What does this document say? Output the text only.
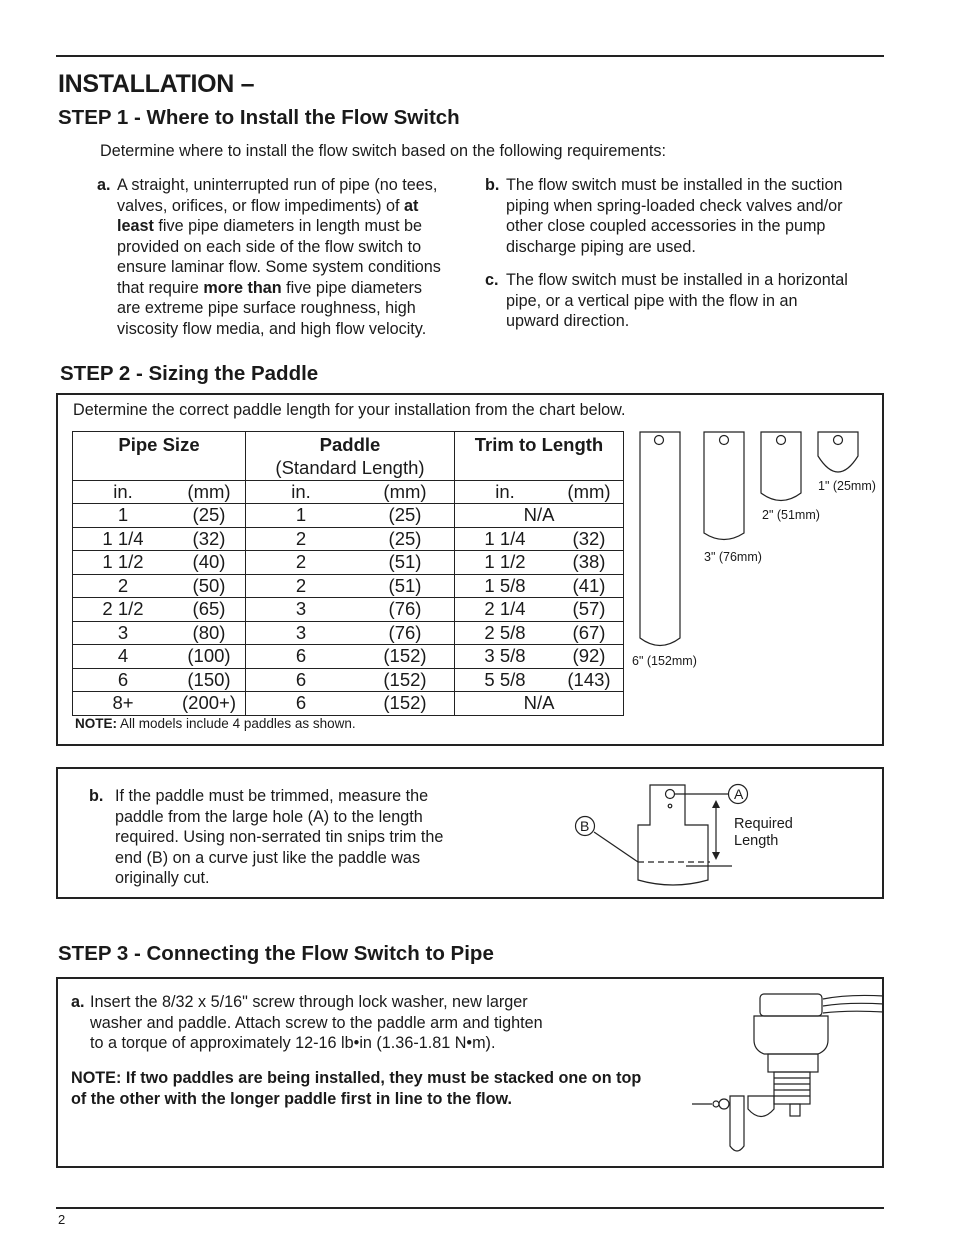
INSTALLATION –
STEP 1 - Where to Install the Flow Switch
Determine where to install the flow switch based on the following requirements:
a. A straight, uninterrupted run of pipe (no tees,
valves, orifices, or flow impediments) of at
least five pipe diameters in length must be
provided on each side of the flow switch to
ensure laminar flow. Some system conditions
that require more than five pipe diameters
are extreme pipe surface roughness, high
viscosity flow media, and high flow velocity.
b. The flow switch must be installed in the suction
piping when spring-loaded check valves and/or
other close coupled accessories in the pump
discharge piping are used.
c. The flow switch must be installed in a horizontal
pipe, or a vertical pipe with the flow in an
upward direction.
STEP 2 - Sizing the Paddle
Determine the correct paddle length for your installation from the chart below.
Pipe Size		Paddle		Trim to Length	
		(Standard Length)			
in.	(mm)	in.	(mm)	in.	(mm)
1	(25)	1	(25)	N/A	
1 1/4	(32)	2	(25)	1 1/4	(32)
1 1/2	(40)	2	(51)	1 1/2	(38)
2	(50)	2	(51)	1 5/8	(41)
2 1/2	(65)	3	(76)	2 1/4	(57)
3	(80)	3	(76)	2 5/8	(67)
4	(100)	6	(152)	3 5/8	(92)
6	(150)	6	(152)	5 5/8	(143)
8+	(200+)	6	(152)	N/A	
NOTE: All models include 4 paddles as shown.
1" (25mm)
2" (51mm)
3" (76mm)
6" (152mm)
b. If the paddle must be trimmed, measure the
paddle from the large hole (A) to the length
required. Using non-serrated tin snips trim the
end (B) on a curve just like the paddle was
originally cut.
A
B	Required
Length
STEP 3 - Connecting the Flow Switch to Pipe
a. Insert the 8/32 x 5/16" screw through lock washer, new larger
washer and paddle. Attach screw to the paddle arm and tighten
to a torque of approximately 12-16 lb•in (1.36-1.81 N•m).
NOTE: If two paddles are being installed, they must be stacked one on top
of the other with the longer paddle first in line to the flow.
2
